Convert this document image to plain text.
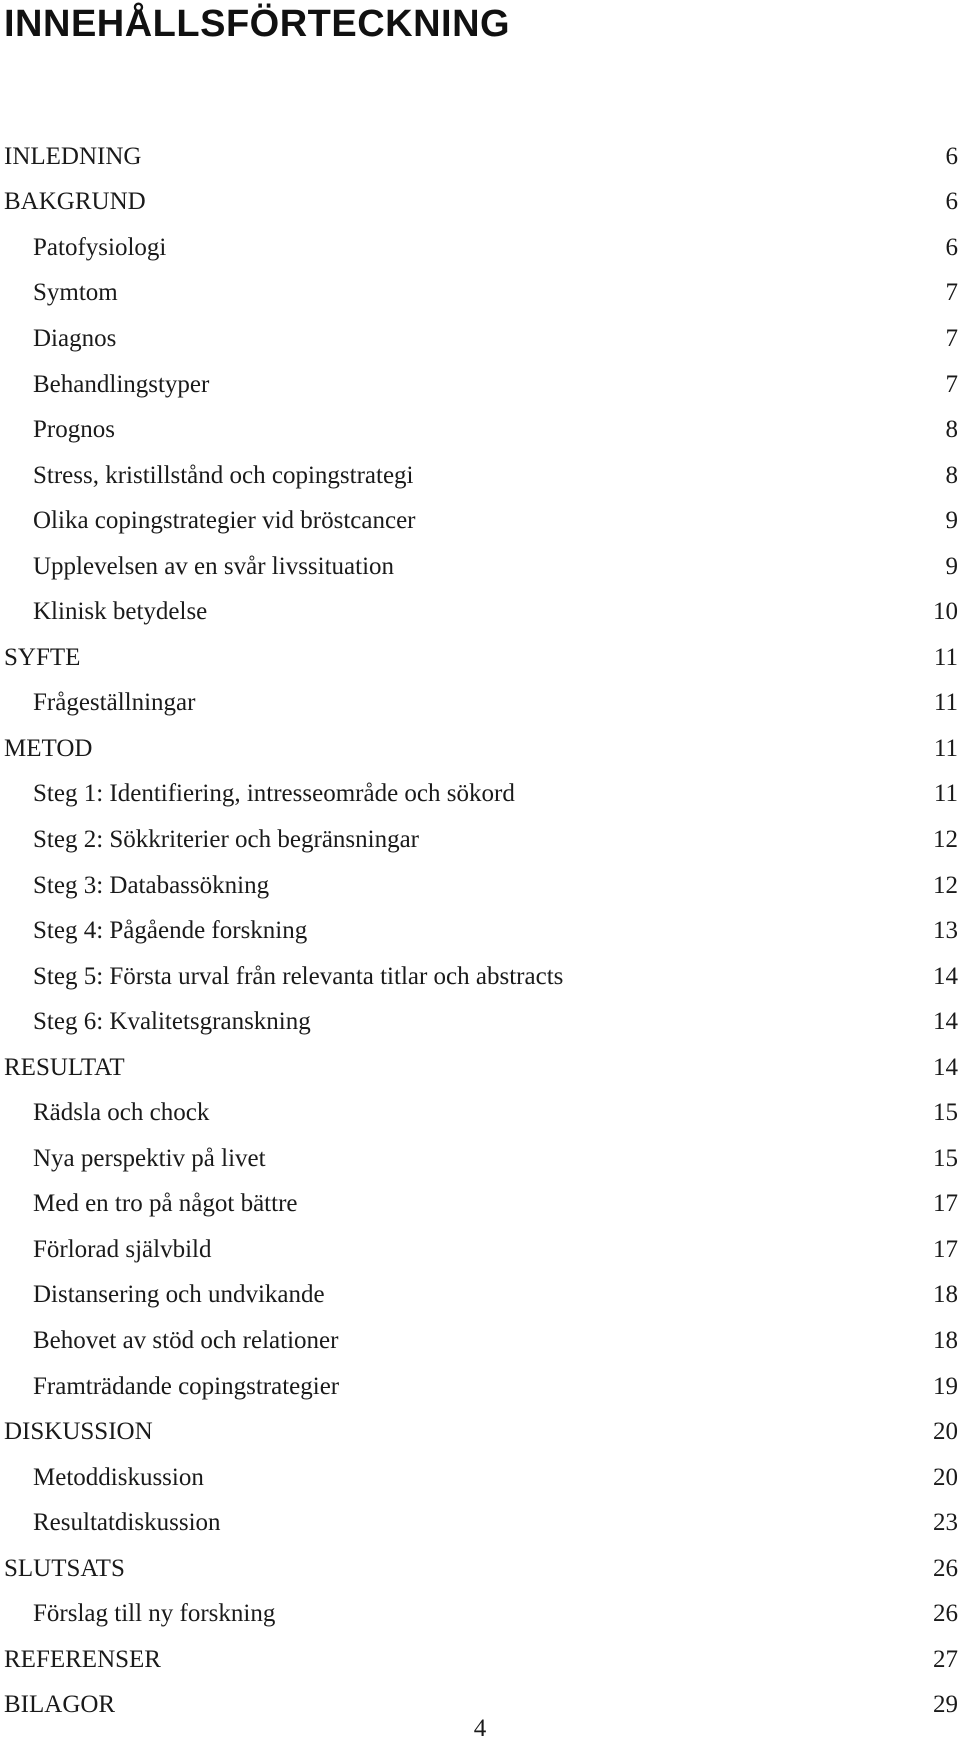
INNEHÅLLSFÖRTECKNING
INLEDNING	6
BAKGRUND	6
Patofysiologi	6
Symtom	7
Diagnos	7
Behandlingstyper	7
Prognos	8
Stress, kristillstånd och copingstrategi	8
Olika copingstrategier vid bröstcancer	9
Upplevelsen av en svår livssituation	9
Klinisk betydelse	10
SYFTE	11
Frågeställningar	11
METOD	11
Steg 1: Identifiering, intresseområde och sökord	11
Steg 2: Sökkriterier och begränsningar	12
Steg 3: Databassökning	12
Steg 4: Pågående forskning	13
Steg 5: Första urval från relevanta titlar och abstracts	14
Steg 6: Kvalitetsgranskning	14
RESULTAT	14
Rädsla och chock	15
Nya perspektiv på livet	15
Med en tro på något bättre	17
Förlorad självbild	17
Distansering och undvikande	18
Behovet av stöd och relationer	18
Framträdande copingstrategier	19
DISKUSSION	20
Metoddiskussion	20
Resultatdiskussion	23
SLUTSATS	26
Förslag till ny forskning	26
REFERENSER	27
BILAGOR	29
4
